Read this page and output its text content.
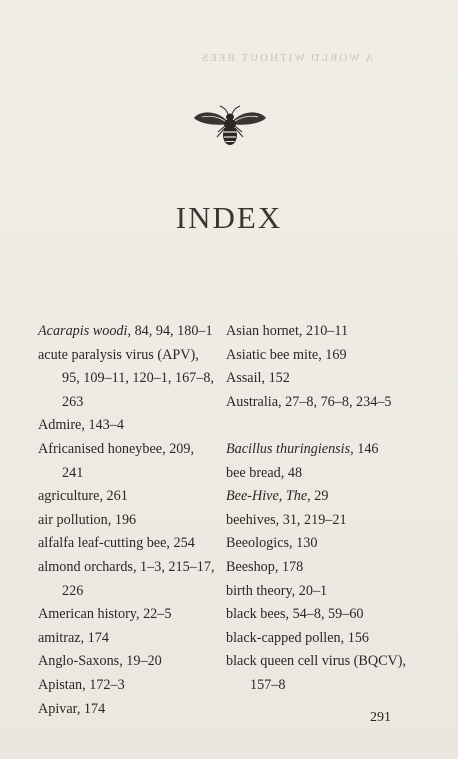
A WORLD WITHOUT BEES
INDEX
Acarapis woodi, 84, 94, 180–1
acute paralysis virus (APV), 95, 109–11, 120–1, 167–8, 263
Admire, 143–4
Africanised honeybee, 209, 241
agriculture, 261
air pollution, 196
alfalfa leaf-cutting bee, 254
almond orchards, 1–3, 215–17, 226
American history, 22–5
amitraz, 174
Anglo-Saxons, 19–20
Apistan, 172–3
Apivar, 174
Asian hornet, 210–11
Asiatic bee mite, 169
Assail, 152
Australia, 27–8, 76–8, 234–5
Bacillus thuringiensis, 146
bee bread, 48
Bee-Hive, The, 29
beehives, 31, 219–21
Beeologics, 130
Beeshop, 178
birth theory, 20–1
black bees, 54–8, 59–60
black-capped pollen, 156
black queen cell virus (BQCV), 157–8
291
